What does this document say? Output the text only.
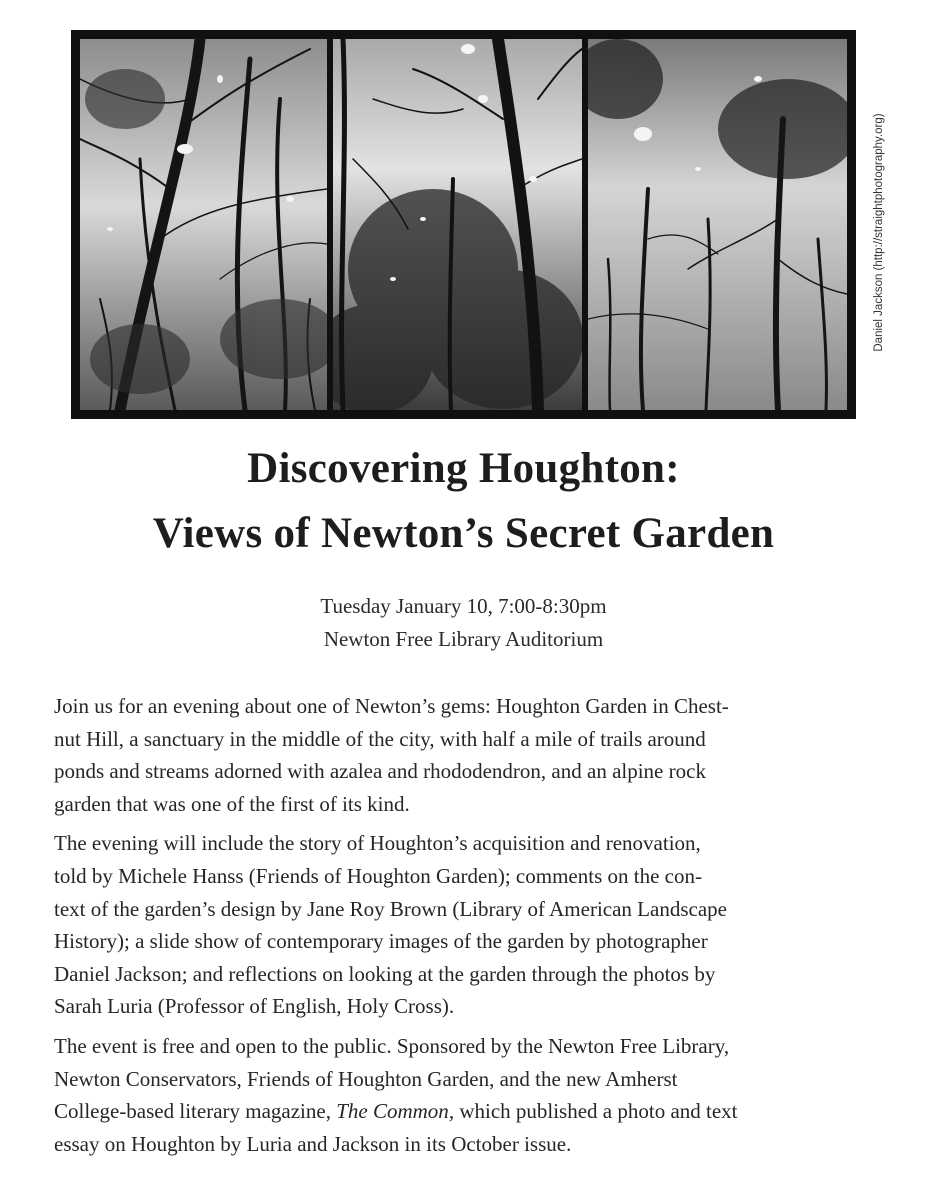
Daniel Jackson (http://straightphotography.org)
Discovering Houghton:
Views of Newton’s Secret Garden
Tuesday January 10, 7:00-8:30pm
Newton Free Library Auditorium

Join us for an evening about one of Newton’s gems: Houghton Garden in Chest-
nut Hill, a sanctuary in the middle of the city, with half a mile of trails around
ponds and streams adorned with azalea and rhododendron, and an alpine rock
garden that was one of the first of its kind.

The evening will include the story of Houghton’s acquisition and renovation,
told by Michele Hanss (Friends of Houghton Garden); comments on the con-
text of the garden’s design by Jane Roy Brown (Library of American Landscape
History); a slide show of contemporary images of the garden by photographer
Daniel Jackson; and reflections on looking at the garden through the photos by
Sarah Luria (Professor of English, Holy Cross).

The event is free and open to the public. Sponsored by the Newton Free Library,
Newton Conservators, Friends of Houghton Garden, and the new Amherst
College-based literary magazine, The Common, which published a photo and text
essay on Houghton by Luria and Jackson in its October issue.
